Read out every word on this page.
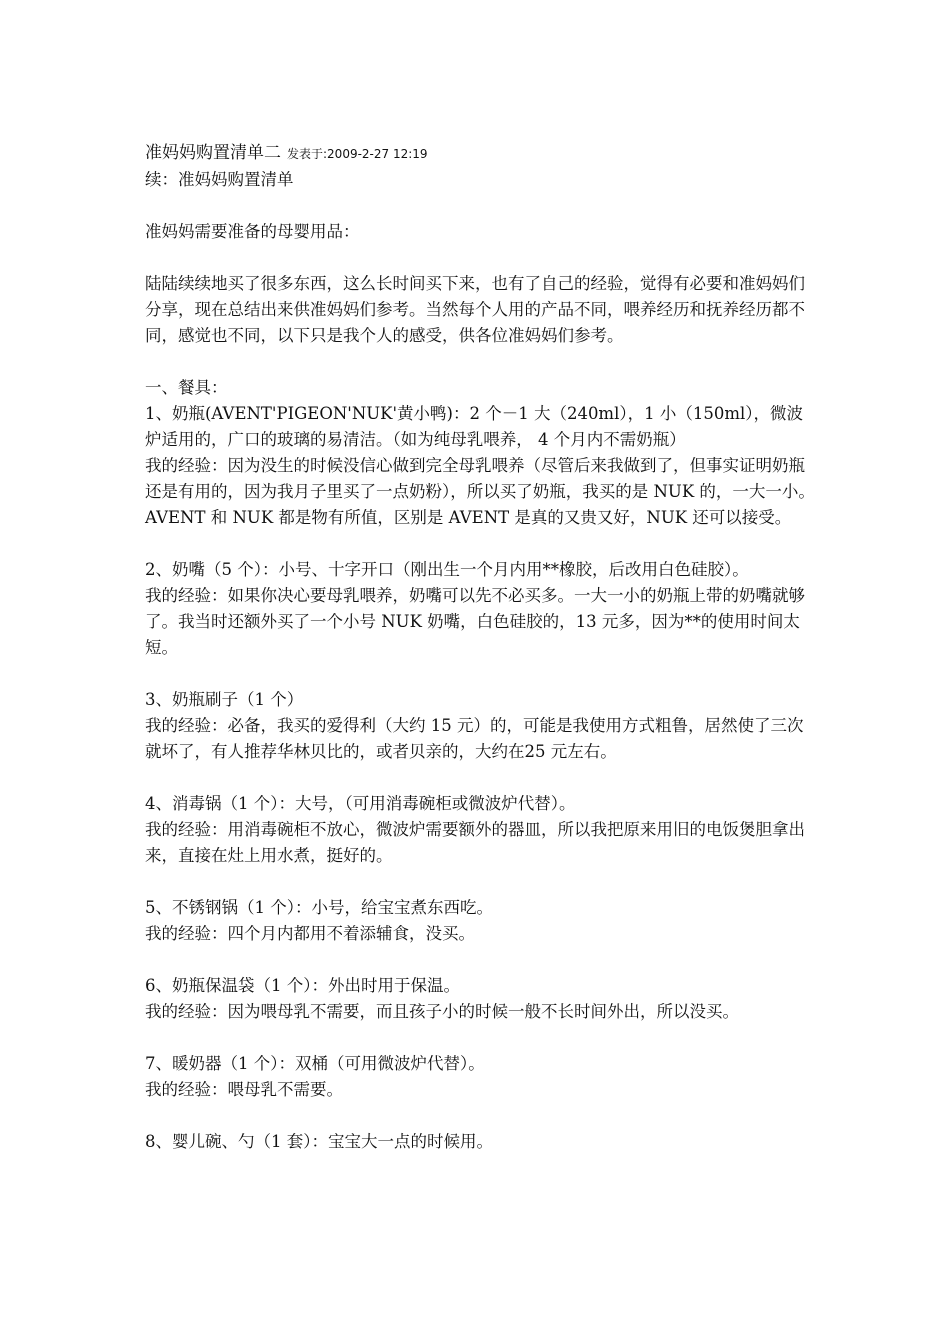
准妈妈购置清单二 发表于:2009-2-27 12:19

续：准妈妈购置清单

准妈妈需要准备的母婴用品：

陆陆续续地买了很多东西，这么长时间买下来，也有了自己的经验，觉得有必要和准妈妈们分享，现在总结出来供准妈妈们参考。当然每个人用的产品不同，喂养经历和抚养经历都不同，感觉也不同，以下只是我个人的感受，供各位准妈妈们参考。

一、餐具：

1、奶瓶(AVENT'PIGEON'NUK'黄小鸭)：2 个－1 大（240ml），1 小（150ml），微波炉适用的，广口的玻璃的易清洁。（如为纯母乳喂养， 4 个月内不需奶瓶）

我的经验：因为没生的时候没信心做到完全母乳喂养（尽管后来我做到了，但事实证明奶瓶还是有用的，因为我月子里买了一点奶粉），所以买了奶瓶，我买的是 NUK 的，一大一小。AVENT 和 NUK 都是物有所值，区别是 AVENT 是真的又贵又好，NUK 还可以接受。

2、奶嘴（5 个）：小号、十字开口（刚出生一个月内用**橡胶，后改用白色硅胶）。

我的经验：如果你决心要母乳喂养，奶嘴可以先不必买多。一大一小的奶瓶上带的奶嘴就够了。我当时还额外买了一个小号 NUK 奶嘴，白色硅胶的，13 元多，因为**的使用时间太短。

3、奶瓶刷子（1 个）

我的经验：必备，我买的爱得利（大约 15 元）的，可能是我使用方式粗鲁，居然使了三次就坏了，有人推荐华林贝比的，或者贝亲的，大约在25 元左右。

4、消毒锅（1 个）：大号，（可用消毒碗柜或微波炉代替）。

我的经验：用消毒碗柜不放心，微波炉需要额外的器皿，所以我把原来用旧的电饭煲胆拿出来，直接在灶上用水煮，挺好的。

5、不锈钢锅（1 个）：小号，给宝宝煮东西吃。

我的经验：四个月内都用不着添辅食，没买。

6、奶瓶保温袋（1 个）：外出时用于保温。

我的经验：因为喂母乳不需要，而且孩子小的时候一般不长时间外出，所以没买。

7、暖奶器（1 个）：双桶（可用微波炉代替）。

我的经验：喂母乳不需要。

8、婴儿碗、勺（1 套）：宝宝大一点的时候用。
